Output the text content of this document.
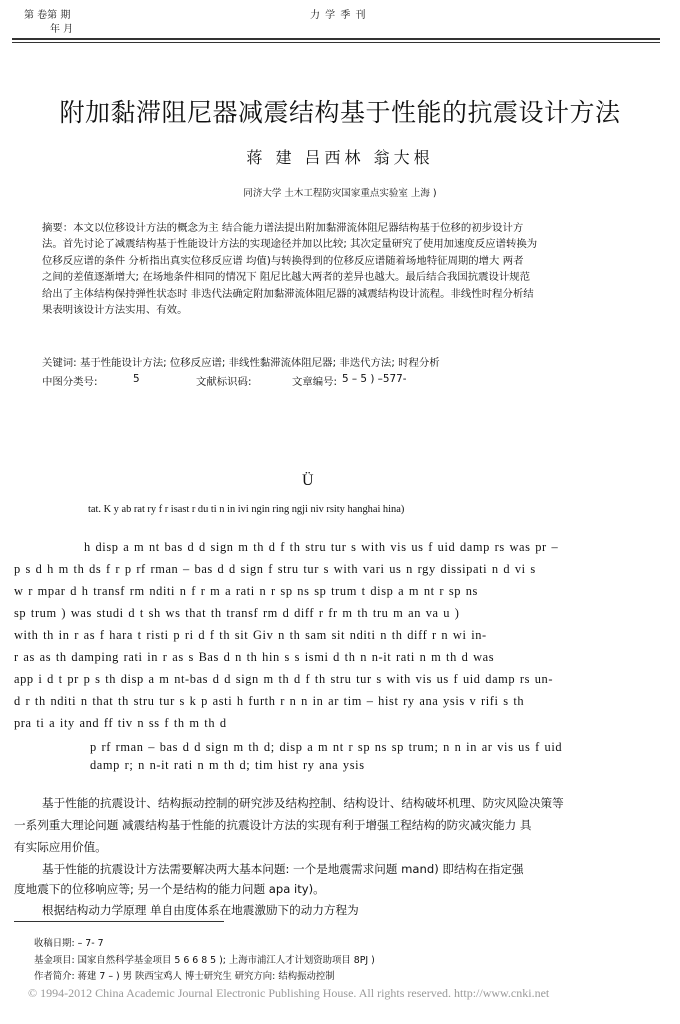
第 卷第 期
年 月
力 学 季 刊
附加黏滞阻尼器减震结构基于性能的抗震设计方法
蒋 建 吕西林 翁大根
同济大学 土木工程防灾国家重点实验室 上海 )
摘要：本文以位移设计方法的概念为主 结合能力谱法提出附加黏滞流体阻尼器结构基于位移的初步设计方
法。首先讨论了减震结构基于性能设计方法的实现途径并加以比较; 其次定量研究了使用加速度反应谱转换为
位移反应谱的条件 分析指出真实位移反应谱 均值)与转换得到的位移反应谱随着场地特征周期的增大 两者
之间的差值逐渐增大; 在场地条件相同的情况下 阻尼比越大两者的差异也越大。最后结合我国抗震设计规范
给出了主体结构保持弹性状态时 非迭代法确定附加黏滞流体阻尼器的减震结构设计流程。非线性时程分析结
果表明该设计方法实用、有效。
关键词: 基于性能设计方法; 位移反应谱; 非线性黏滞流体阻尼器; 非迭代方法; 时程分析
中图分类号:	5	文献标识码:	文章编号: 5 – 5 ) –577-
Ü
tat. K y ab rat ry f r isast r du ti n in ivi ngin ring ngji niv rsity hanghai hina)
h disp a m nt bas d d sign m th d f th stru tur s with vis us f uid damp rs was pr –
p s d h m th ds f r p rf rman – bas d d sign f stru tur s with vari us n rgy dissipati n d vi s
w r mpar d h transf rm nditi n f r m a rati n r sp ns sp trum t disp a m nt r sp ns
sp trum ) was studi d t sh ws that th transf rm d diff r fr m th tru m an va u )
with th in r as f hara t risti p ri d f th sit Giv n th sam sit nditi n th diff r n wi in-
r as as th damping rati in r as s Bas d n th hin s s ismi d th n n-it rati n m th d was
app i d t pr p s th disp a m nt-bas d d sign m th d f th stru tur s with vis us f uid damp rs un-
d r th nditi n that th stru tur s k p asti h furth r n n in ar tim – hist ry ana ysis v rifi s th
pra ti a ity and ff tiv n ss f th m th d
p rf rman – bas d d sign m th d; disp a m nt r sp ns sp trum; n n in ar vis us f uid
damp r; n n-it rati n m th d; tim hist ry ana ysis
基于性能的抗震设计、结构振动控制的研究涉及结构控制、结构设计、结构破坏机理、防灾风险决策等
一系列重大理论问题 减震结构基于性能的抗震设计方法的实现有利于增强工程结构的防灾减灾能力 具
有实际应用价值。
基于性能的抗震设计方法需要解决两大基本问题: 一个是地震需求问题 mand) 即结构在指定强
度地震下的位移响应等; 另一个是结构的能力问题 apa ity)。
根据结构动力学原理 单自由度体系在地震激励下的动力方程为
收稿日期: – 7- 7
基金项目: 国家自然科学基金项目 5 6 6 8 5 ); 上海市浦江人才计划资助项目 8PJ )
作者简介: 蒋建 7 – ) 男 陕西宝鸡人 博士研究生 研究方向: 结构振动控制
© 1994-2012 China Academic Journal Electronic Publishing House. All rights reserved. http://www.cnki.net
